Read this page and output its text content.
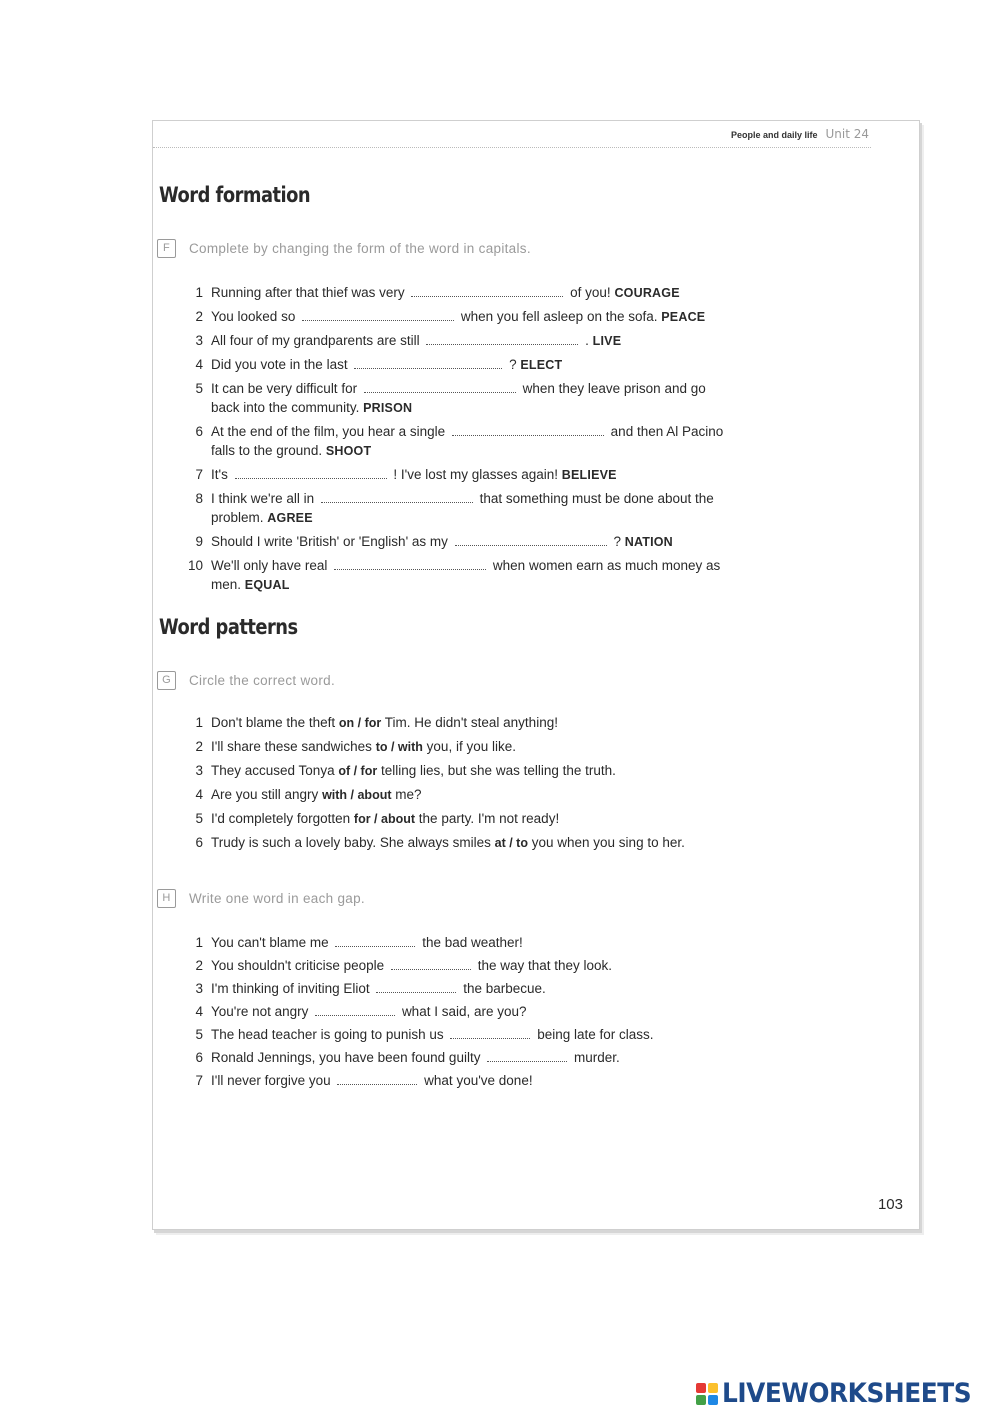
People and daily life Unit 24
Word formation
F	Complete by changing the form of the word in capitals.
1 Running after that thief was very	of you! COURAGE
2 You looked so	when you fell asleep on the sofa. PEACE
3 All four of my grandparents are still	. LIVE
4 Did you vote in the last	? ELECT
5 It can be very difficult for	when they leave prison and go back into the community. PRISON
6 At the end of the film, you hear a single	and then Al Pacino falls to the ground. SHOOT
7 It's	! I've lost my glasses again! BELIEVE
8 I think we're all in	that something must be done about the problem. AGREE
9 Should I write 'British' or 'English' as my	? NATION
10 We'll only have real	when women earn as much money as men. EQUAL
Word patterns
G	Circle the correct word.
1 Don't blame the theft on / for Tim. He didn't steal anything!
2 I'll share these sandwiches to / with you, if you like.
3 They accused Tonya of / for telling lies, but she was telling the truth.
4 Are you still angry with / about me?
5 I'd completely forgotten for / about the party. I'm not ready!
6 Trudy is such a lovely baby. She always smiles at / to you when you sing to her.
H	Write one word in each gap.
1 You can't blame me	the bad weather!
2 You shouldn't criticise people	the way that they look.
3 I'm thinking of inviting Eliot	the barbecue.
4 You're not angry	what I said, are you?
5 The head teacher is going to punish us	being late for class.
6 Ronald Jennings, you have been found guilty	murder.
7 I'll never forgive you	what you've done!
103
LIVEWORKSHEETS
